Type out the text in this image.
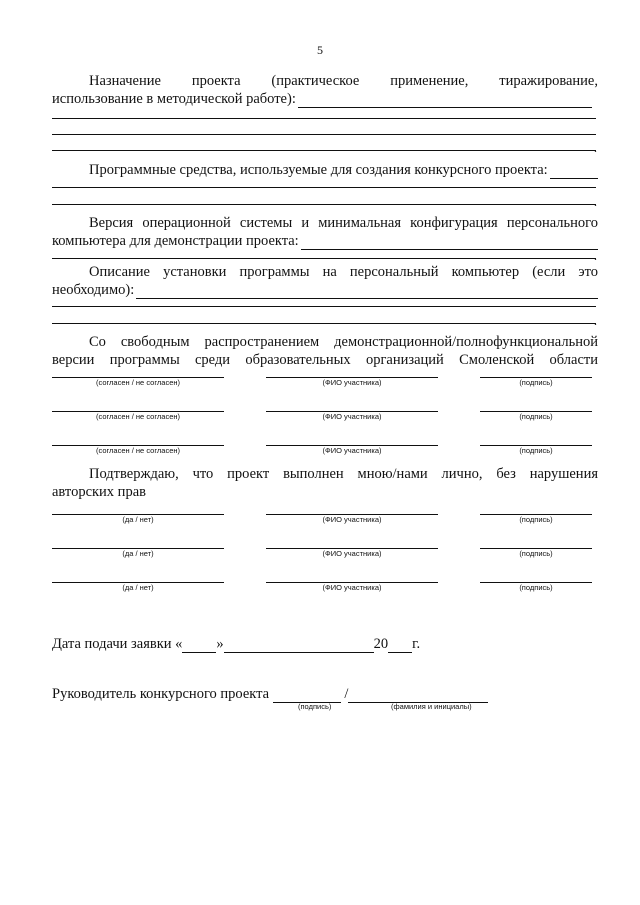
5
Назначение проекта (практическое применение, тиражирование,
использование в методической работе):
.
Программные средства, используемые для создания конкурсного проекта:
.
Версия операционной системы и минимальная конфигурация персонального
компьютера для демонстрации проекта:
.
Описание установки программы на персональный компьютер (если это
необходимо):
.
Со свободным распространением демонстрационной/полнофункциональной
версии программы среди образовательных организаций Смоленской области
(согласен / не согласен)	(ФИО участника)	(подпись)
(согласен / не согласен)	(ФИО участника)	(подпись)
(согласен / не согласен)	(ФИО участника)	(подпись)
Подтверждаю, что проект выполнен мною/нами лично, без нарушения
авторских прав
(да / нет)	(ФИО участника)	(подпись)
(да / нет)	(ФИО участника)	(подпись)
(да / нет)	(ФИО участника)	(подпись)
Дата подачи заявки « »	20 г.
Руководитель конкурсного проекта	/
(подпись)	(фамилия и инициалы)
